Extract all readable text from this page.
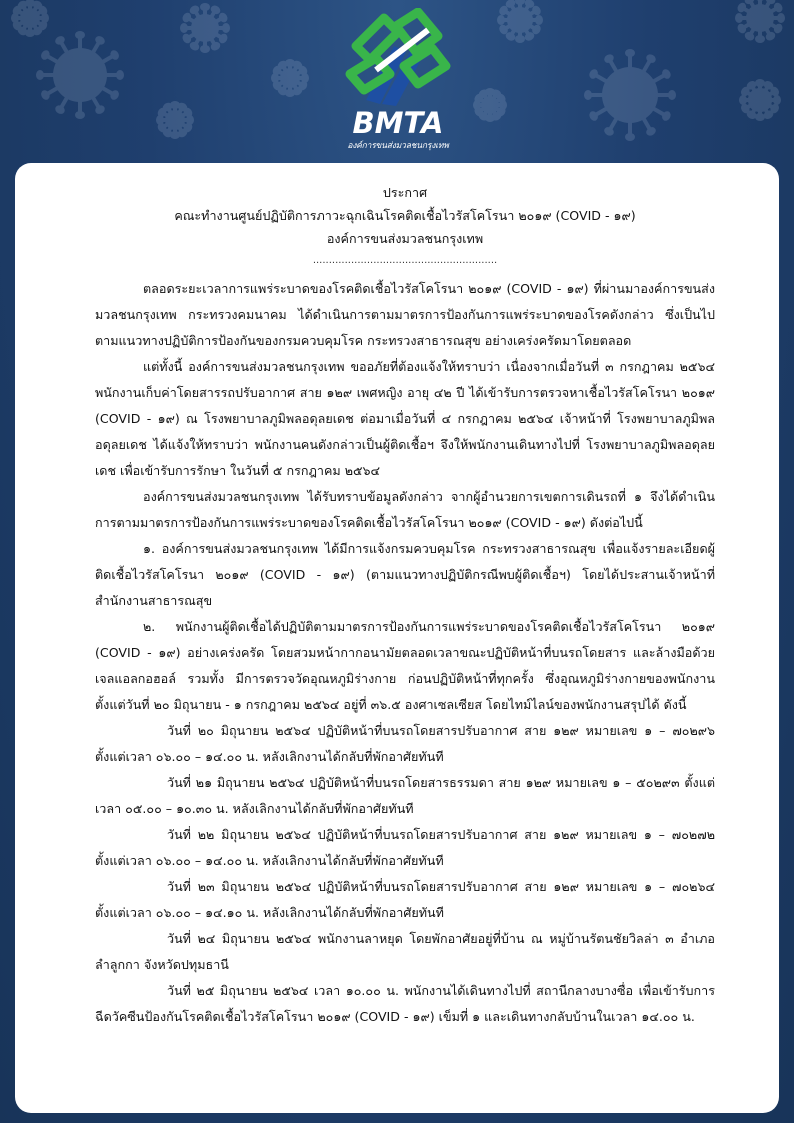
BMTA
องค์การขนส่งมวลชนกรุงเทพ
ประกาศ
คณะทำงานศูนย์ปฏิบัติการภาวะฉุกเฉินโรคติดเชื้อไวรัสโคโรนา ๒๐๑๙ (COVID - ๑๙)
องค์การขนส่งมวลชนกรุงเทพ
..........................................................

ตลอดระยะเวลาการแพร่ระบาดของโรคติดเชื้อไวรัสโคโรนา ๒๐๑๙ (COVID - ๑๙) ที่ผ่านมาองค์การขนส่งมวลชนกรุงเทพ กระทรวงคมนาคม ได้ดำเนินการตามมาตรการป้องกันการแพร่ระบาดของโรคดังกล่าว ซึ่งเป็นไปตามแนวทางปฏิบัติการป้องกันของกรมควบคุมโรค กระทรวงสาธารณสุข อย่างเคร่งครัดมาโดยตลอด

แต่ทั้งนี้ องค์การขนส่งมวลชนกรุงเทพ ขออภัยที่ต้องแจ้งให้ทราบว่า เนื่องจากเมื่อวันที่ ๓ กรกฎาคม ๒๕๖๔ พนักงานเก็บค่าโดยสารรถปรับอากาศ สาย ๑๒๙ เพศหญิง อายุ ๔๒ ปี ได้เข้ารับการตรวจหาเชื้อไวรัสโคโรนา ๒๐๑๙ (COVID - ๑๙) ณ โรงพยาบาลภูมิพลอดุลยเดช ต่อมาเมื่อวันที่ ๔ กรกฎาคม ๒๕๖๔ เจ้าหน้าที่ โรงพยาบาลภูมิพลอดุลยเดช ได้แจ้งให้ทราบว่า พนักงานคนดังกล่าวเป็นผู้ติดเชื้อฯ จึงให้พนักงานเดินทางไปที่ โรงพยาบาลภูมิพลอดุลยเดช เพื่อเข้ารับการรักษา ในวันที่ ๕ กรกฎาคม ๒๕๖๔

องค์การขนส่งมวลชนกรุงเทพ ได้รับทราบข้อมูลดังกล่าว จากผู้อำนวยการเขตการเดินรถที่ ๑ จึงได้ดำเนินการตามมาตรการป้องกันการแพร่ระบาดของโรคติดเชื้อไวรัสโคโรนา ๒๐๑๙ (COVID - ๑๙) ดังต่อไปนี้

๑. องค์การขนส่งมวลชนกรุงเทพ ได้มีการแจ้งกรมควบคุมโรค กระทรวงสาธารณสุข เพื่อแจ้งรายละเอียดผู้ติดเชื้อไวรัสโคโรนา ๒๐๑๙ (COVID - ๑๙) (ตามแนวทางปฏิบัติกรณีพบผู้ติดเชื้อฯ) โดยได้ประสานเจ้าหน้าที่สำนักงานสาธารณสุข

๒. พนักงานผู้ติดเชื้อได้ปฏิบัติตามมาตรการป้องกันการแพร่ระบาดของโรคติดเชื้อไวรัสโคโรนา ๒๐๑๙ (COVID - ๑๙) อย่างเคร่งครัด โดยสวมหน้ากากอนามัยตลอดเวลาขณะปฏิบัติหน้าที่บนรถโดยสาร และล้างมือด้วยเจลแอลกอฮอล์ รวมทั้ง มีการตรวจวัดอุณหภูมิร่างกาย ก่อนปฏิบัติหน้าที่ทุกครั้ง ซึ่งอุณหภูมิร่างกายของพนักงาน ตั้งแต่วันที่ ๒๐ มิถุนายน - ๑ กรกฎาคม ๒๕๖๔ อยู่ที่ ๓๖.๕ องศาเซลเซียส โดยไทม์ไลน์ของพนักงานสรุปได้ ดังนี้

วันที่ ๒๐ มิถุนายน ๒๕๖๔ ปฏิบัติหน้าที่บนรถโดยสารปรับอากาศ สาย ๑๒๙ หมายเลข ๑ – ๗๐๒๙๖ ตั้งแต่เวลา ๐๖.๐๐ – ๑๔.๐๐ น. หลังเลิกงานได้กลับที่พักอาศัยทันที

วันที่ ๒๑ มิถุนายน ๒๕๖๔ ปฏิบัติหน้าที่บนรถโดยสารธรรมดา สาย ๑๒๙ หมายเลข ๑ – ๕๐๒๙๓ ตั้งแต่เวลา ๐๕.๐๐ – ๑๐.๓๐ น. หลังเลิกงานได้กลับที่พักอาศัยทันที

วันที่ ๒๒ มิถุนายน ๒๕๖๔ ปฏิบัติหน้าที่บนรถโดยสารปรับอากาศ สาย ๑๒๙ หมายเลข ๑ – ๗๐๒๗๒ ตั้งแต่เวลา ๐๖.๐๐ – ๑๔.๐๐ น. หลังเลิกงานได้กลับที่พักอาศัยทันที

วันที่ ๒๓ มิถุนายน ๒๕๖๔ ปฏิบัติหน้าที่บนรถโดยสารปรับอากาศ สาย ๑๒๙ หมายเลข ๑ – ๗๐๒๖๔ ตั้งแต่เวลา ๐๖.๐๐ – ๑๔.๑๐ น. หลังเลิกงานได้กลับที่พักอาศัยทันที

วันที่ ๒๔ มิถุนายน ๒๕๖๔ พนักงานลาหยุด โดยพักอาศัยอยู่ที่บ้าน ณ หมู่บ้านรัตนชัยวิลล่า ๓ อำเภอลำลูกกา จังหวัดปทุมธานี

วันที่ ๒๕ มิถุนายน ๒๕๖๔ เวลา ๑๐.๐๐ น. พนักงานได้เดินทางไปที่ สถานีกลางบางซื่อ เพื่อเข้ารับการฉีดวัคซีนป้องกันโรคติดเชื้อไวรัสโคโรนา ๒๐๑๙ (COVID - ๑๙) เข็มที่ ๑ และเดินทางกลับบ้านในเวลา ๑๔.๐๐ น.
